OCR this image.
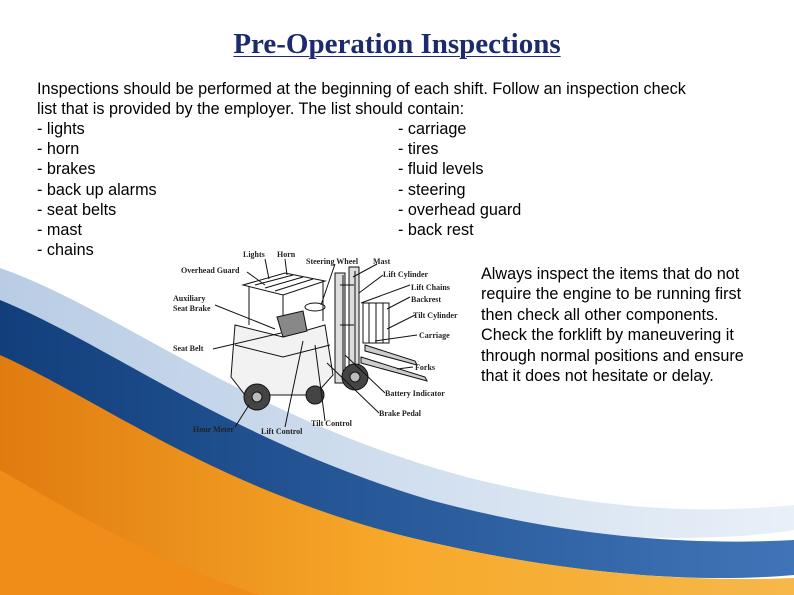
Pre-Operation Inspections
Inspections should be performed at the beginning of each shift. Follow an inspection check
list that is provided by the employer. The list should contain:
- lights	- carriage
- horn	- tires
- brakes	- fluid levels
- back up alarms	- steering
- seat belts	- overhead guard
- mast	- back rest
- chains	Lights Horn
Steering Wheel Mast
Overhead Guard	Lift Cylinder
Lift Chains
Auxiliary	Backrest
Seat Brake
Tilt Cylinder
Carriage
Seat Belt
Forks
Battery Indicator
Brake Pedal
Tilt Control
Hour Meter	Lift Control
Always inspect the items that do not
require the engine to be running first
then check all other components.
Check the forklift by maneuvering it
through normal positions and ensure
that it does not hesitate or delay.
